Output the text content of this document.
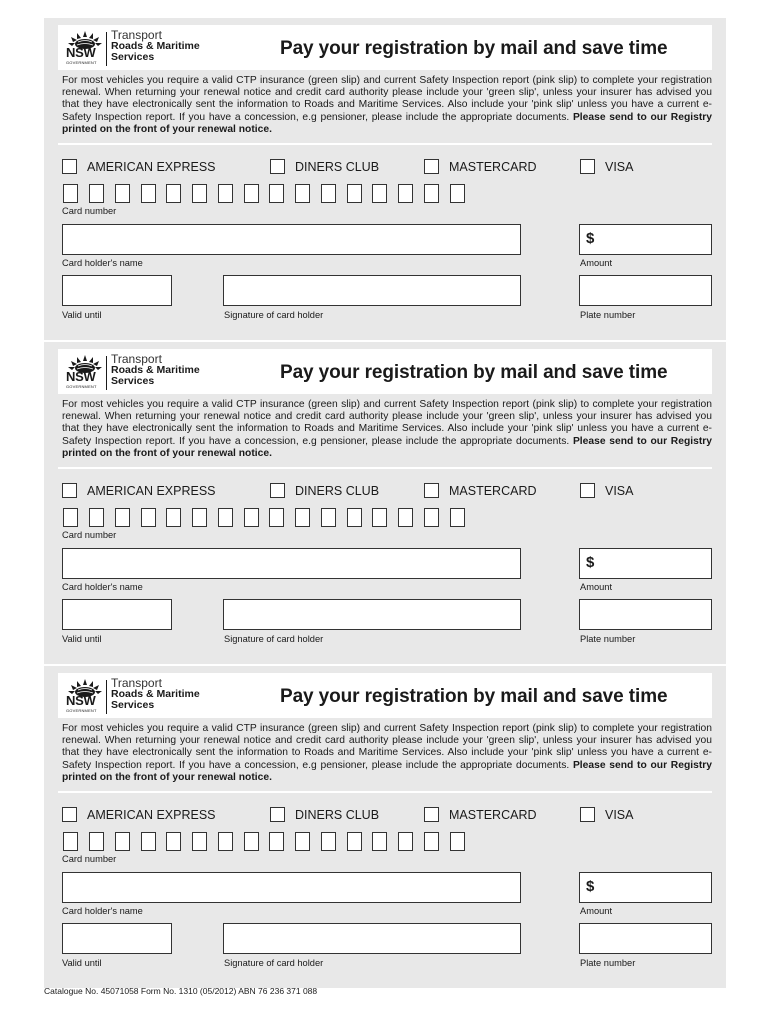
NSW
GOVERNMENT
Transport
Roads & Maritime
Services	Pay your registration by mail and save time
For most vehicles you require a valid CTP insurance (green slip) and current Safety Inspection report (pink slip) to complete your registration renewal. When returning your renewal notice and credit card authority please include your 'green slip', unless your insurer has advised you that they have electronically sent the information to Roads and Maritime Services. Also include your 'pink slip' unless you have a current e-Safety Inspection report. If you have a concession, e.g pensioner, please include the appropriate documents. Please send to our Registry printed on the front of your renewal notice.
AMERICAN EXPRESS	DINERS CLUB	MASTERCARD	VISA
Card number
Card holder's name
$
Amount
Valid until	Signature of card holder	Plate number
NSW
GOVERNMENT
Transport
Roads & Maritime
Services	Pay your registration by mail and save time
For most vehicles you require a valid CTP insurance (green slip) and current Safety Inspection report (pink slip) to complete your registration renewal. When returning your renewal notice and credit card authority please include your 'green slip', unless your insurer has advised you that they have electronically sent the information to Roads and Maritime Services. Also include your 'pink slip' unless you have a current e-Safety Inspection report. If you have a concession, e.g pensioner, please include the appropriate documents. Please send to our Registry printed on the front of your renewal notice.
AMERICAN EXPRESS	DINERS CLUB	MASTERCARD	VISA
Card number
Card holder's name
$
Amount
Valid until	Signature of card holder	Plate number
NSW
GOVERNMENT
Transport
Roads & Maritime
Services	Pay your registration by mail and save time
For most vehicles you require a valid CTP insurance (green slip) and current Safety Inspection report (pink slip) to complete your registration renewal. When returning your renewal notice and credit card authority please include your 'green slip', unless your insurer has advised you that they have electronically sent the information to Roads and Maritime Services. Also include your 'pink slip' unless you have a current e-Safety Inspection report. If you have a concession, e.g pensioner, please include the appropriate documents. Please send to our Registry printed on the front of your renewal notice.
AMERICAN EXPRESS	DINERS CLUB	MASTERCARD	VISA
Card number
Card holder's name
$
Amount
Valid until	Signature of card holder	Plate number
Catalogue No. 45071058 Form No. 1310 (05/2012) ABN 76 236 371 088
